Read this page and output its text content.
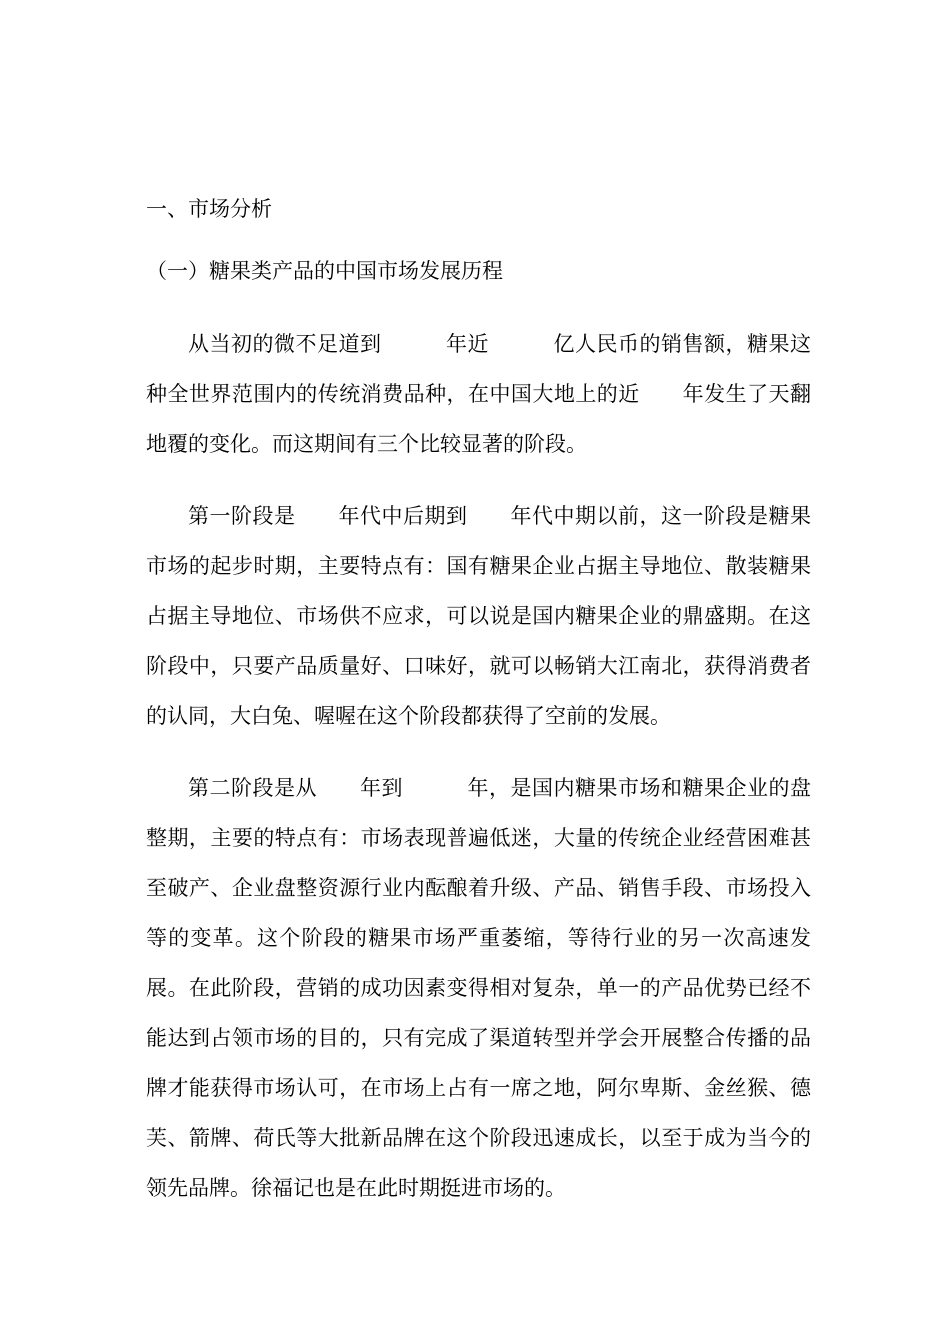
一、市场分析

（一）糖果类产品的中国市场发展历程

从当初的微不足道到　　　年近　　　亿人民币的销售额，糖果这种全世界范围内的传统消费品种，在中国大地上的近　　年发生了天翻地覆的变化。而这期间有三个比较显著的阶段。

第一阶段是　　年代中后期到　　年代中期以前，这一阶段是糖果市场的起步时期，主要特点有：国有糖果企业占据主导地位、散装糖果占据主导地位、市场供不应求，可以说是国内糖果企业的鼎盛期。在这阶段中，只要产品质量好、口味好，就可以畅销大江南北，获得消费者的认同，大白兔、喔喔在这个阶段都获得了空前的发展。

第二阶段是从　　年到　　　年，是国内糖果市场和糖果企业的盘整期，主要的特点有：市场表现普遍低迷，大量的传统企业经营困难甚至破产、企业盘整资源行业内酝酿着升级、产品、销售手段、市场投入等的变革。这个阶段的糖果市场严重萎缩，等待行业的另一次高速发展。在此阶段，营销的成功因素变得相对复杂，单一的产品优势已经不能达到占领市场的目的，只有完成了渠道转型并学会开展整合传播的品牌才能获得市场认可，在市场上占有一席之地，阿尔卑斯、金丝猴、德芙、箭牌、荷氏等大批新品牌在这个阶段迅速成长，以至于成为当今的领先品牌。徐福记也是在此时期挺进市场的。
